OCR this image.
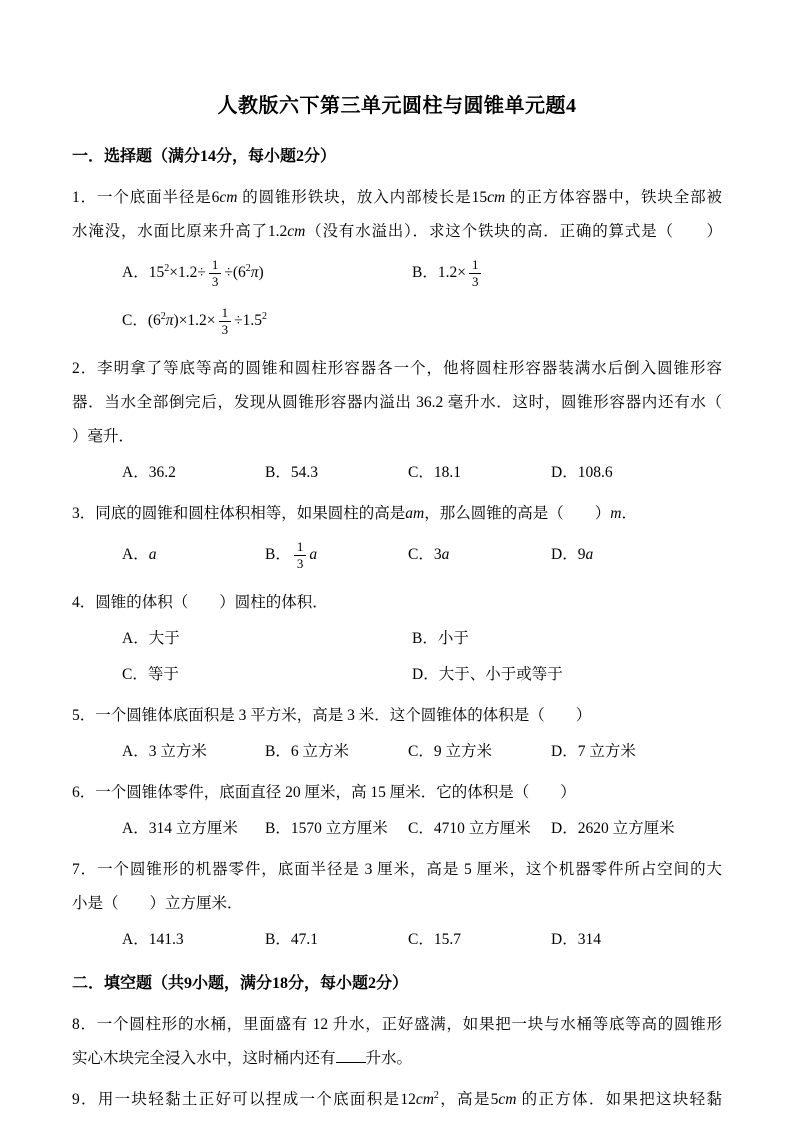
人教版六下第三单元圆柱与圆锥单元题4
一．选择题（满分14分，每小题2分）
1．一个底面半径是6cm 的圆锥形铁块，放入内部棱长是15cm 的正方体容器中，铁块全部被
水淹没，水面比原来升高了1.2cm（没有水溢出）．求这个铁块的高．正确的算式是（　　）
A．$15^2\times 1.2\div \frac{1}{3} \div(6^2\pi)$	B．$1.2\times \frac{1}{3}$
C．$(6^2\pi)\times 1.2\times \frac{1}{3} \div 1.5^2$
2．李明拿了等底等高的圆锥和圆柱形容器各一个，他将圆柱形容器装满水后倒入圆锥形容
器．当水全部倒完后，发现从圆锥形容器内溢出 36.2 毫升水．这时，圆锥形容器内还有水（
）毫升．
A．36.2	B．54.3	C．18.1	D．108.6
3．同底的圆锥和圆柱体积相等，如果圆柱的高是am，那么圆锥的高是（　　）m．
A．a	B． $\frac{1}{3}$ a	C．3a	D．9a
4．圆锥的体积（　　）圆柱的体积．
A．大于	B．小于
C．等于	D．大于、小于或等于
5．一个圆锥体底面积是 3 平方米，高是 3 米．这个圆锥体的体积是（　　）
A．3 立方米	B．6 立方米	C．9 立方米	D．7 立方米
6．一个圆锥体零件，底面直径 20 厘米，高 15 厘米．它的体积是（　　）
A．314 立方厘米	B．1570 立方厘米	C．4710 立方厘米	D．2620 立方厘米
7．一个圆锥形的机器零件，底面半径是 3 厘米，高是 5 厘米，这个机器零件所占空间的大
小是（　　）立方厘米．
A．141.3	B．47.1	C．15.7	D．314
二．填空题（共9小题，满分18分，每小题2分）
8．一个圆柱形的水桶，里面盛有 12 升水，正好盛满，如果把一块与水桶等底等高的圆锥形
实心木块完全浸入水中，这时桶内还有 升水。
9．用一块轻黏土正好可以捏成一个底面积是$12cm^2$，高是5cm 的正方体．如果把这块轻黏
